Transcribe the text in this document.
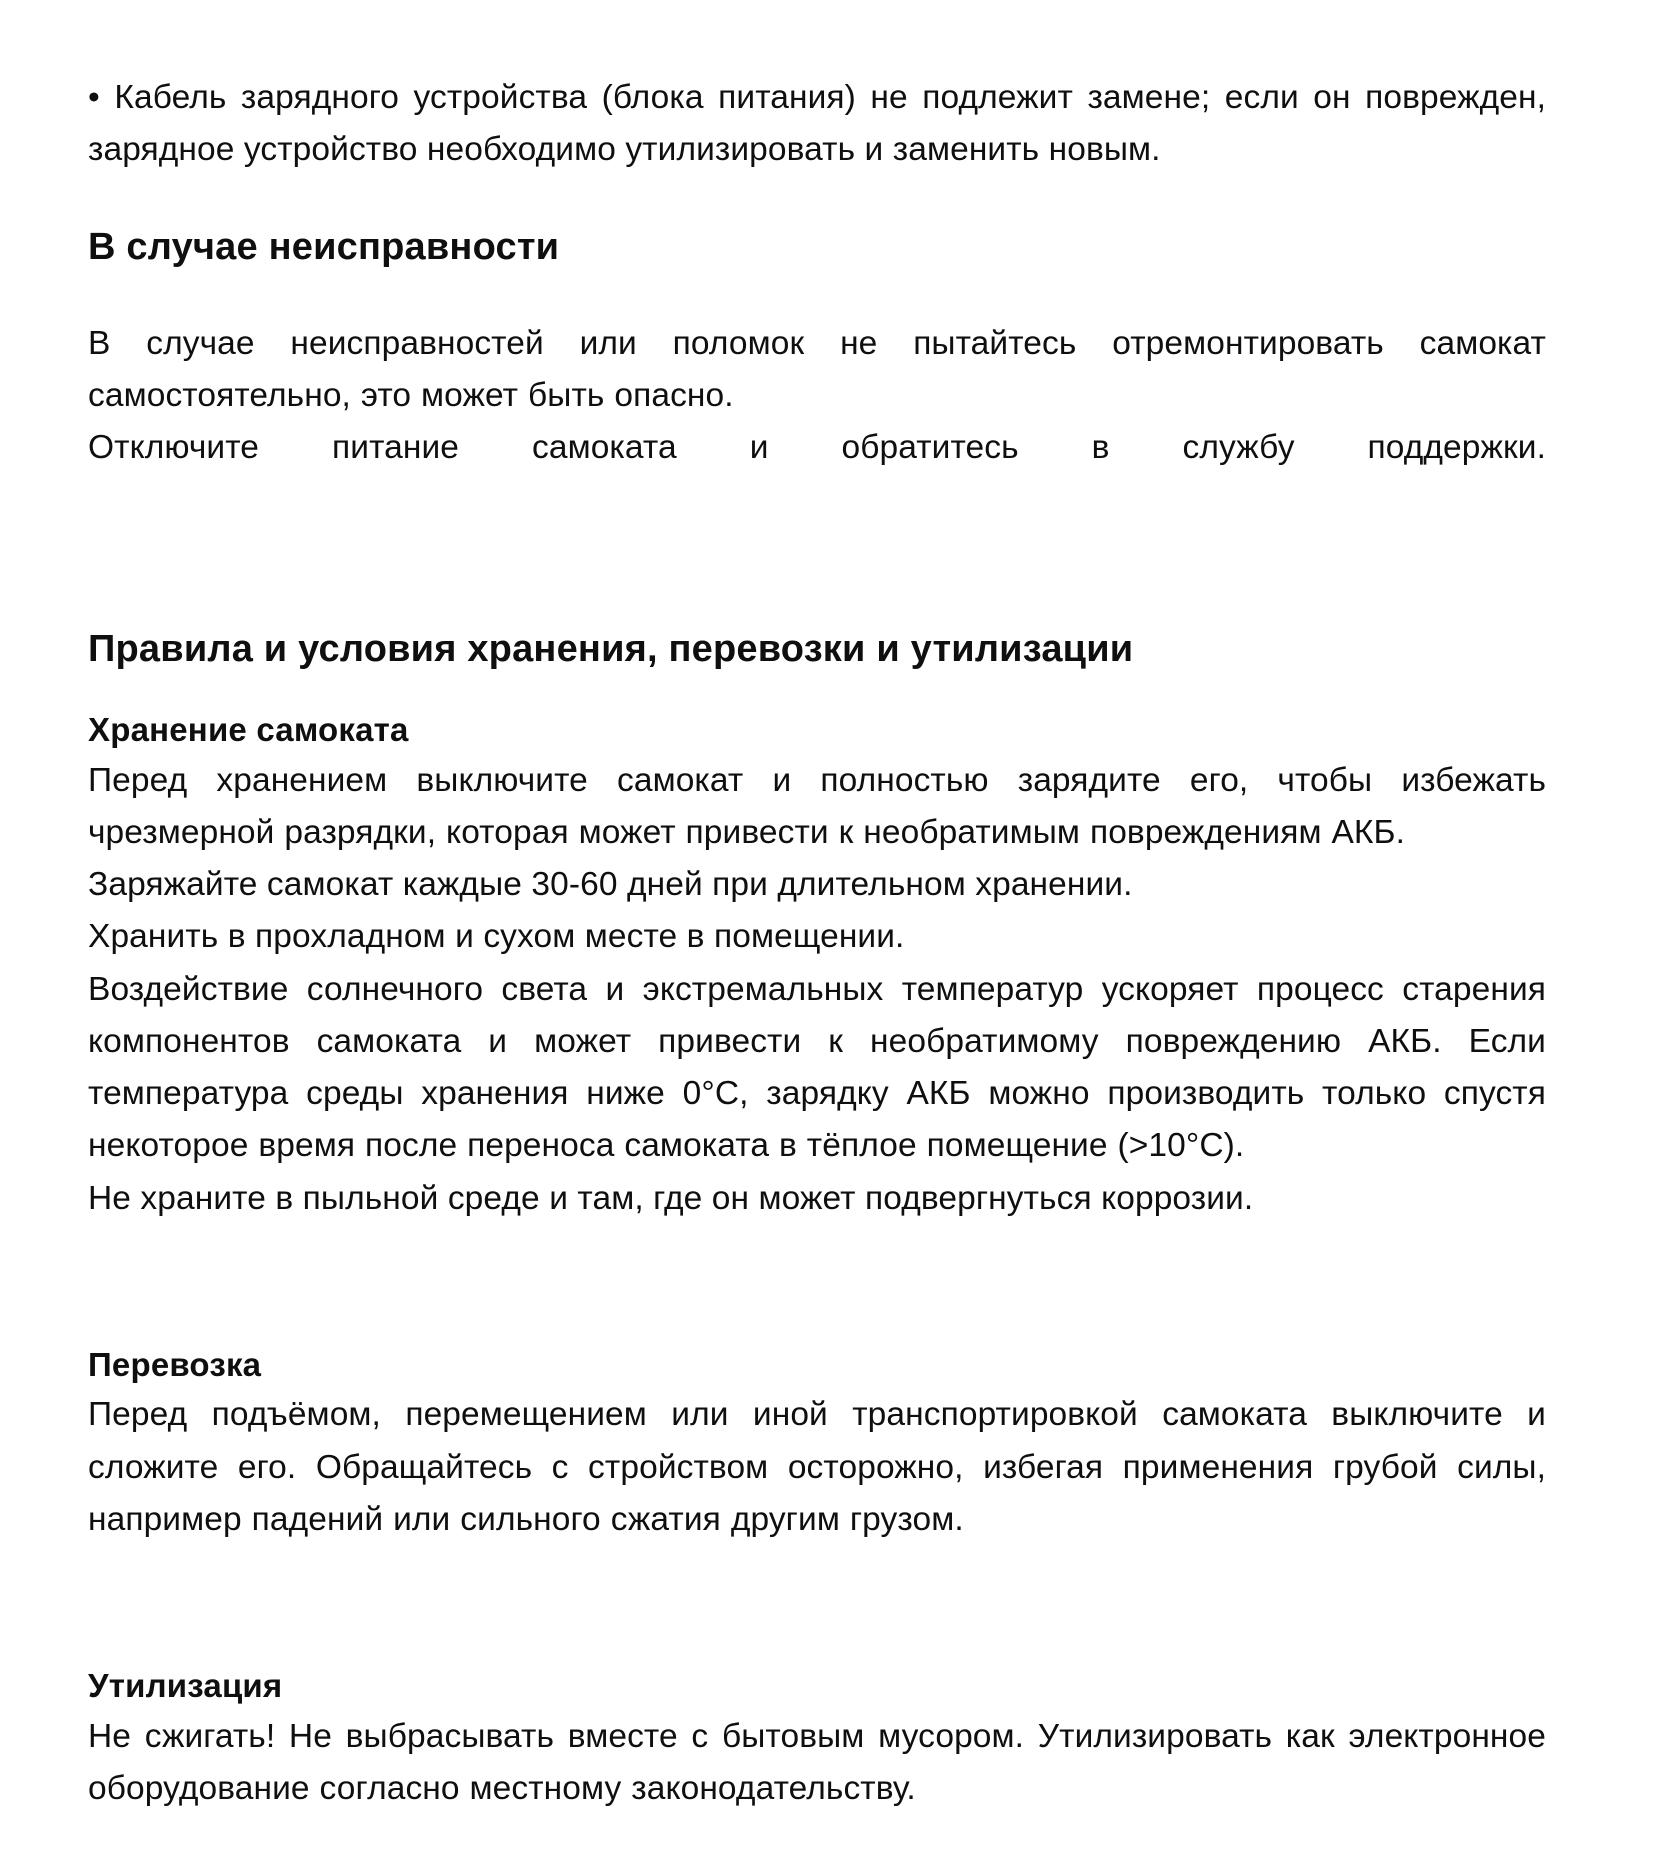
• Кабель зарядного устройства (блока питания) не подлежит замене; если он поврежден, зарядное устройство необходимо утилизировать и заменить новым.

В случае неисправности

В случае неисправностей или поломок не пытайтесь отремонтировать самокат самостоятельно, это может быть опасно.

Отключите питание самоката и обратитесь в службу поддержки.

Правила и условия хранения, перевозки и утилизации
Хранение самоката

Перед хранением выключите самокат и полностью зарядите его, чтобы избежать чрезмерной разрядки, которая может привести к необратимым повреждениям АКБ.

Заряжайте самокат каждые 30-60 дней при длительном хранении.

Хранить в прохладном и сухом месте в помещении.

Воздействие солнечного света и экстремальных температур ускоряет процесс старения компонентов самоката и может привести к необратимому повреждению АКБ. Если температура среды хранения ниже 0°C, зарядку АКБ можно производить только спустя некоторое время после переноса самоката в тёплое помещение (>10°C).

Не храните в пыльной среде и там, где он может подвергнуться коррозии.

Перевозка

Перед подъёмом, перемещением или иной транспортировкой самоката выключите и сложите его. Обращайтесь с стройством осторожно, избегая применения грубой силы, например падений или сильного сжатия другим грузом.

Утилизация

Не сжигать! Не выбрасывать вместе с бытовым мусором. Утилизировать как электронное оборудование согласно местному законодательству.
